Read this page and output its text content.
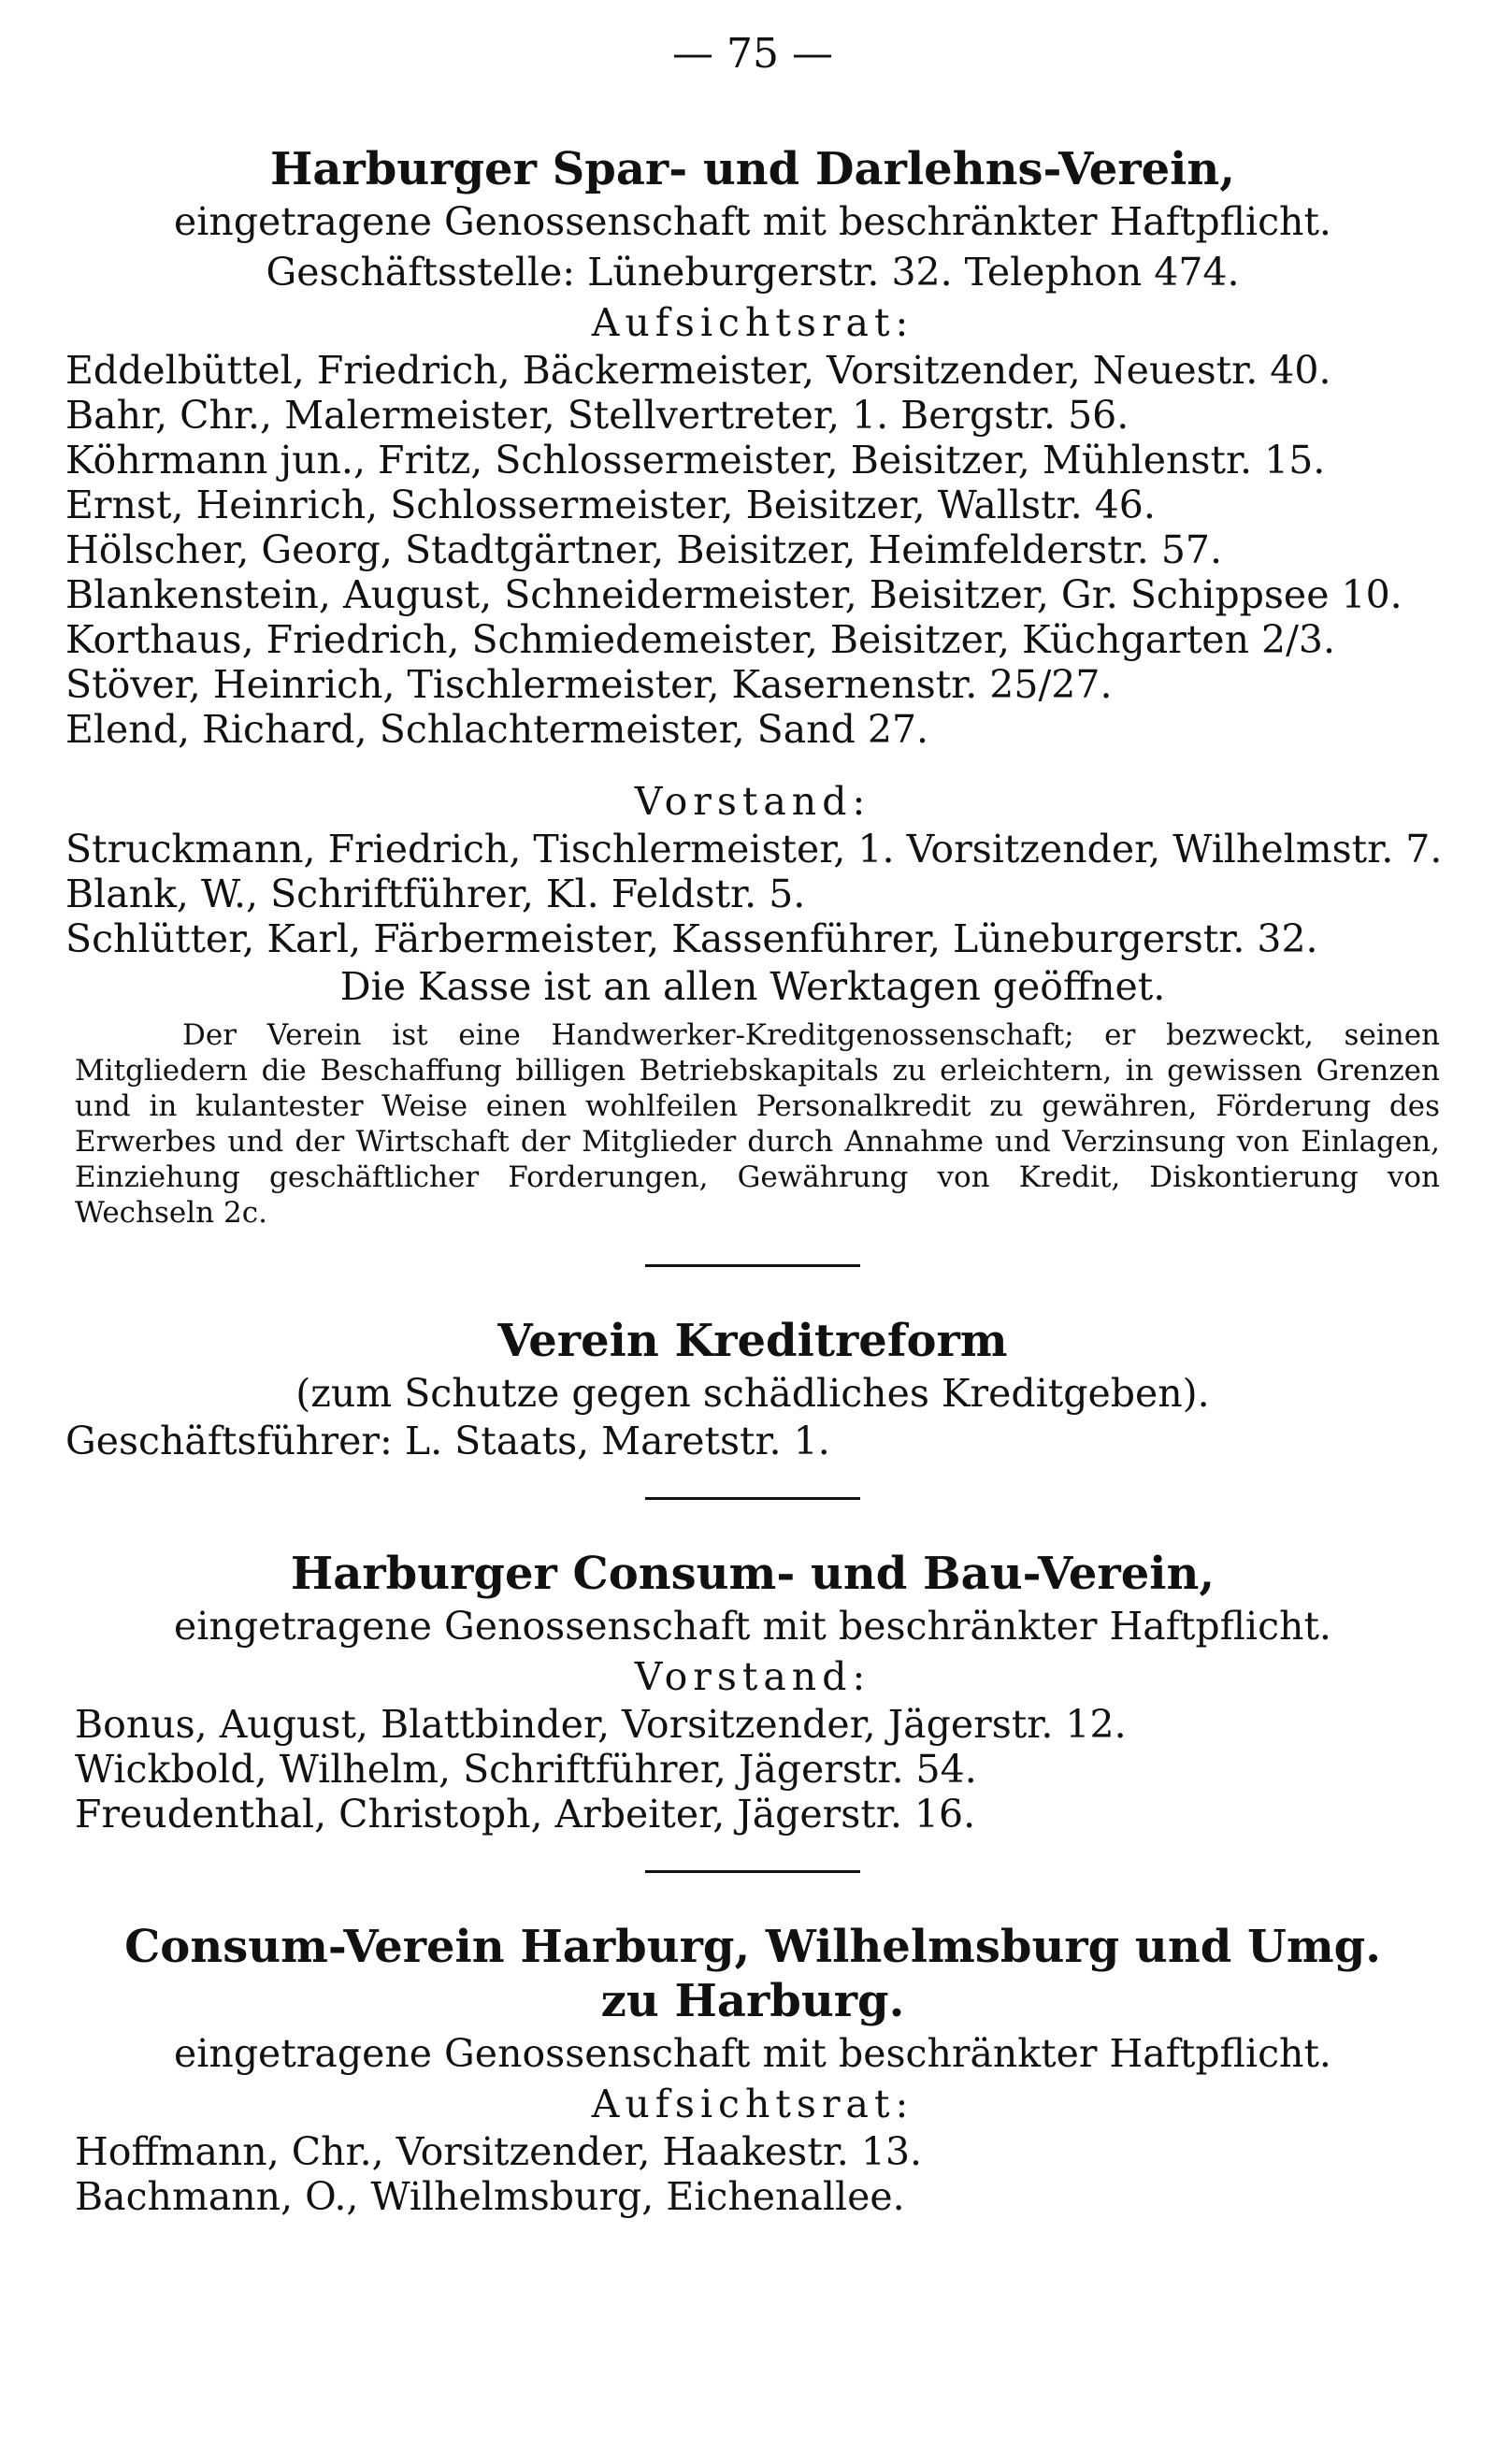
— 75 —
Harburger Spar- und Darlehns-Verein,
eingetragene Genossenschaft mit beschränkter Haftpflicht.
Geschäftsstelle: Lüneburgerstr. 32. Telephon 474.
Aufsichtsrat:
Eddelbüttel, Friedrich, Bäckermeister, Vorsitzender, Neuestr. 40.
Bahr, Chr., Malermeister, Stellvertreter, 1. Bergstr. 56.
Köhrmann jun., Fritz, Schlossermeister, Beisitzer, Mühlenstr. 15.
Ernst, Heinrich, Schlossermeister, Beisitzer, Wallstr. 46.
Hölscher, Georg, Stadtgärtner, Beisitzer, Heimfelderstr. 57.
Blankenstein, August, Schneidermeister, Beisitzer, Gr. Schippsee 10.
Korthaus, Friedrich, Schmiedemeister, Beisitzer, Küchgarten 2/3.
Stöver, Heinrich, Tischlermeister, Kasernenstr. 25/27.
Elend, Richard, Schlachtermeister, Sand 27.
Vorstand:
Struckmann, Friedrich, Tischlermeister, 1. Vorsitzender, Wilhelmstr. 7.
Blank, W., Schriftführer, Kl. Feldstr. 5.
Schlütter, Karl, Färbermeister, Kassenführer, Lüneburgerstr. 32.
Die Kasse ist an allen Werktagen geöffnet.
Der Verein ist eine Handwerker-Kreditgenossenschaft; er bezweckt, seinen Mitgliedern die Beschaffung billigen Betriebskapitals zu erleichtern, in gewissen Grenzen und in kulantester Weise einen wohlfeilen Personalkredit zu gewähren, Förderung des Erwerbes und der Wirtschaft der Mitglieder durch Annahme und Verzinsung von Einlagen, Einziehung geschäftlicher Forderungen, Gewährung von Kredit, Diskontierung von Wechseln 2c.
Verein Kreditreform
(zum Schutze gegen schädliches Kreditgeben).
Geschäftsführer: L. Staats, Maretstr. 1.
Harburger Consum- und Bau-Verein,
eingetragene Genossenschaft mit beschränkter Haftpflicht.
Vorstand:
Bonus, August, Blattbinder, Vorsitzender, Jägerstr. 12.
Wickbold, Wilhelm, Schriftführer, Jägerstr. 54.
Freudenthal, Christoph, Arbeiter, Jägerstr. 16.
Consum-Verein Harburg, Wilhelmsburg und Umg.
zu Harburg.
eingetragene Genossenschaft mit beschränkter Haftpflicht.
Aufsichtsrat:
Hoffmann, Chr., Vorsitzender, Haakestr. 13.
Bachmann, O., Wilhelmsburg, Eichenallee.
